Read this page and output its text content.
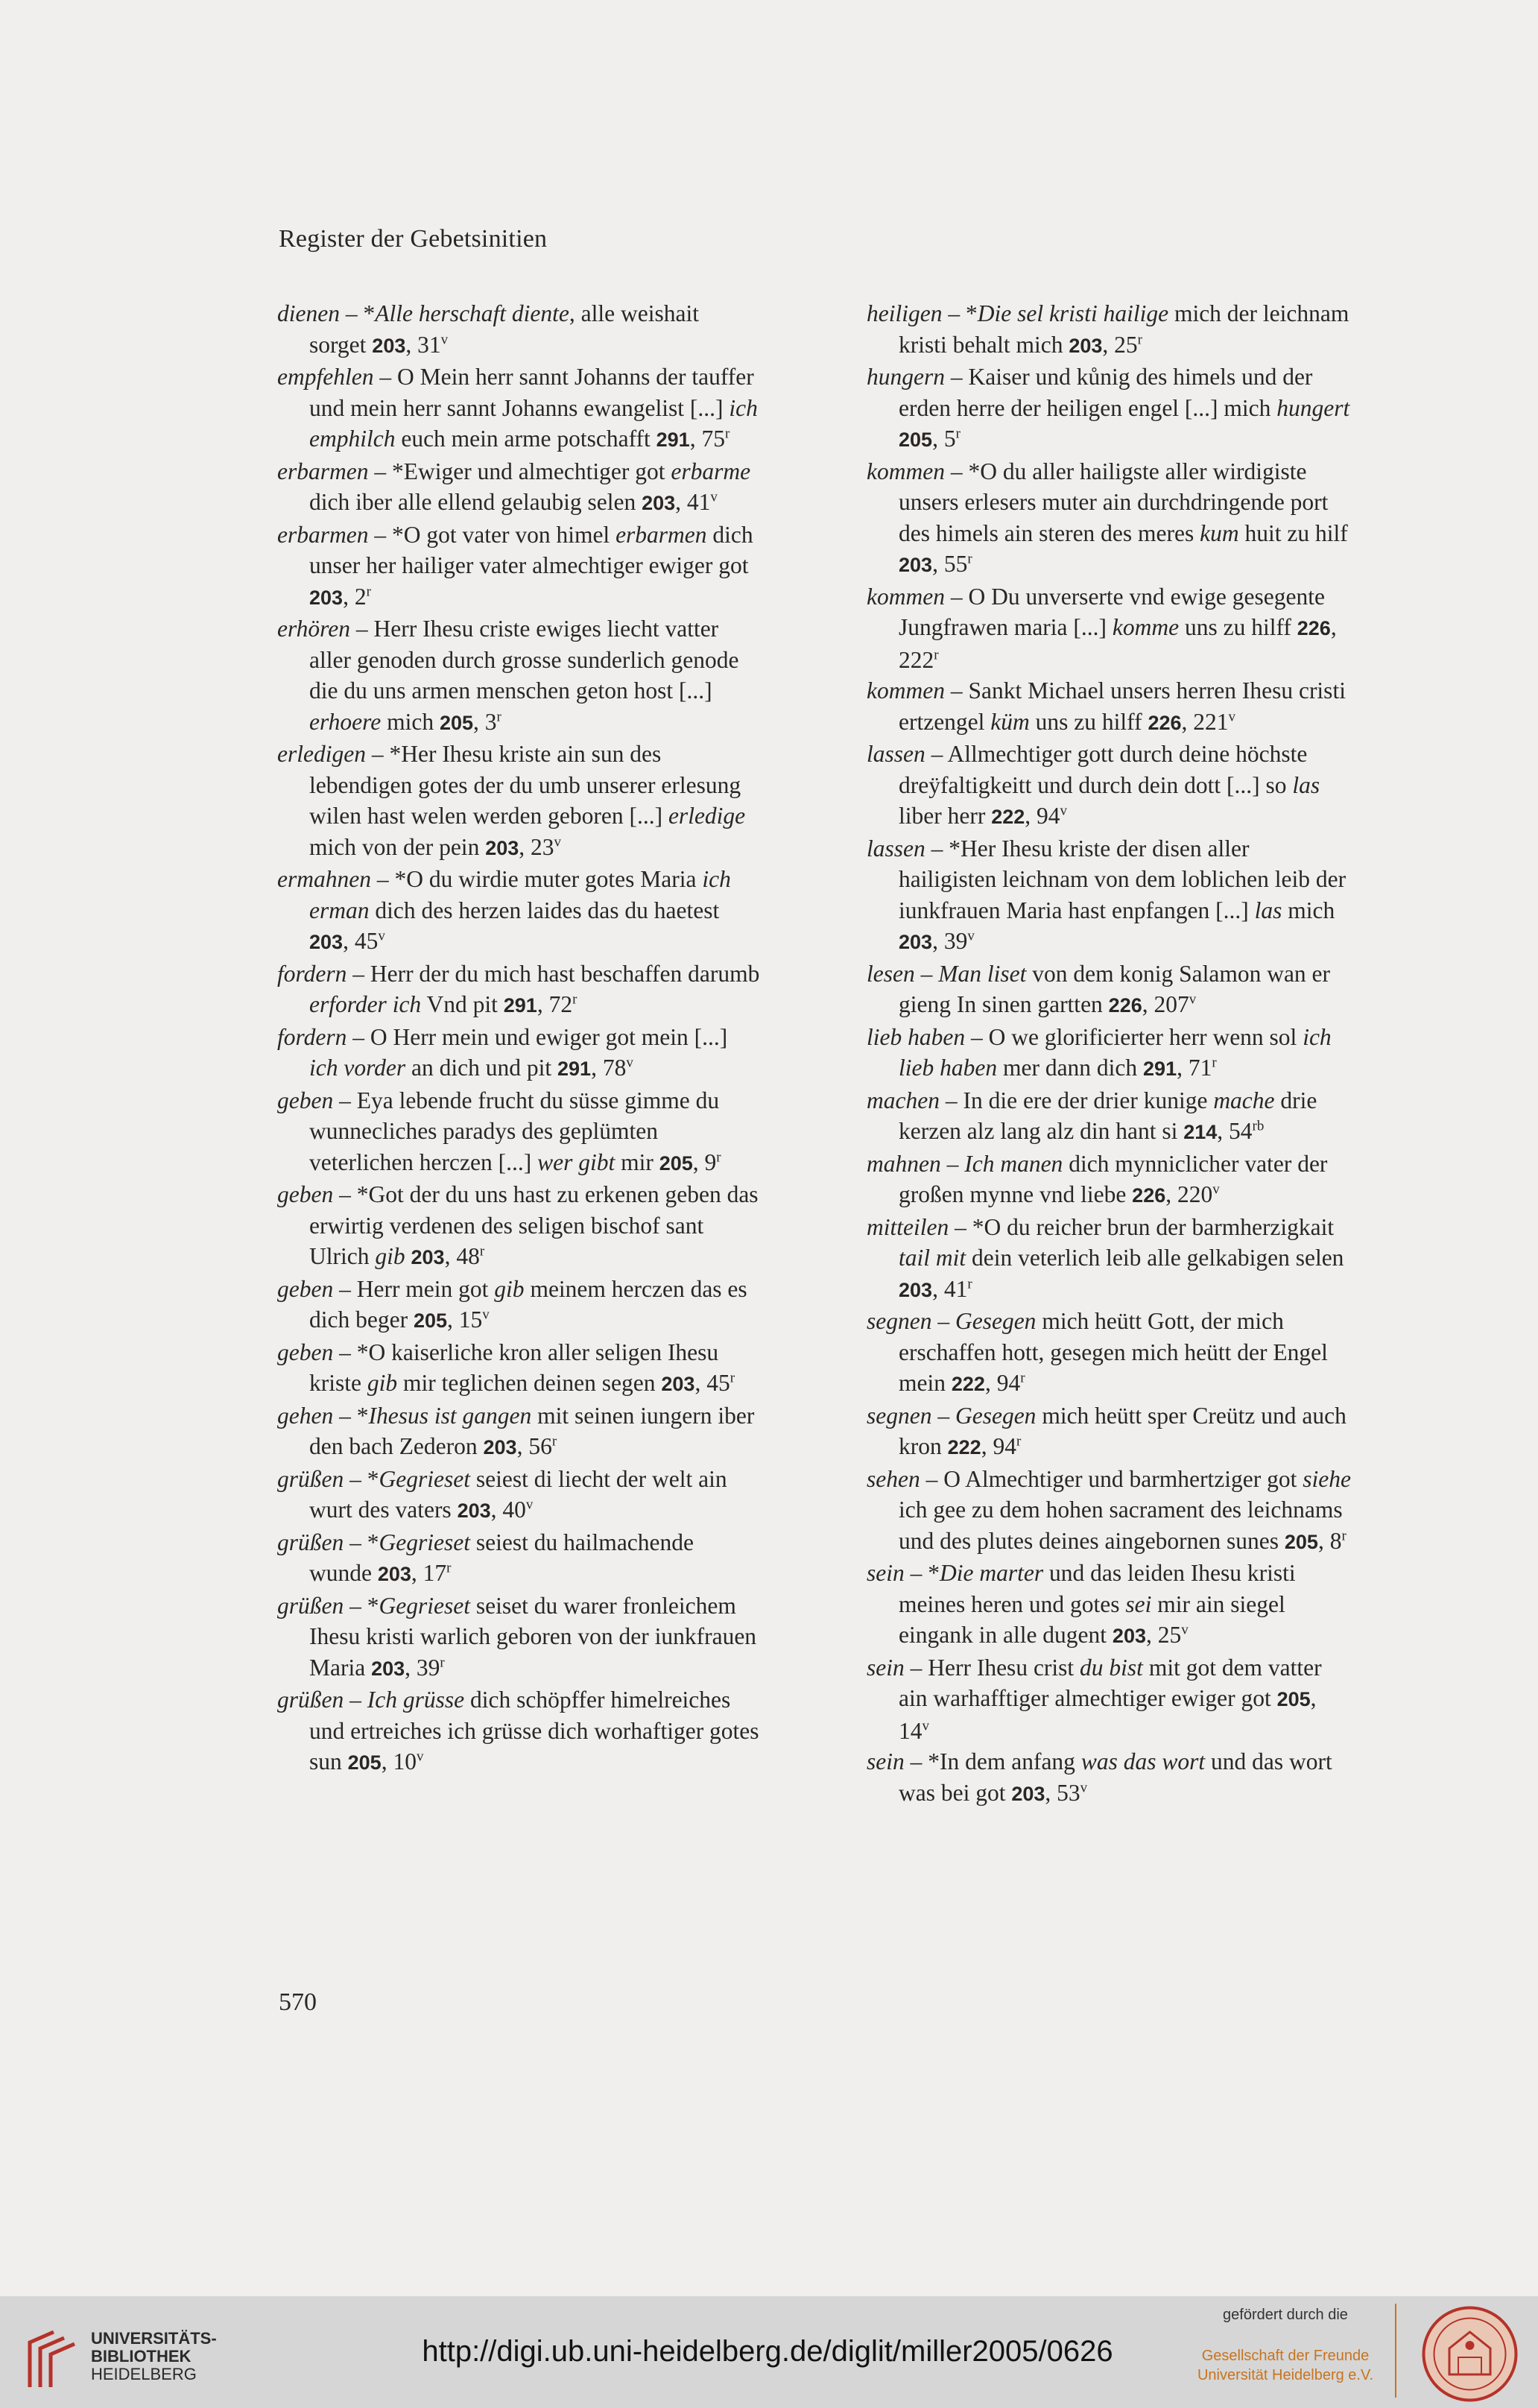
Register der Gebetsinitien

dienen – *Alle herschaft diente, alle weishait sorget 203, 31$^v$

empfehlen – O Mein herr sannt Johanns der tauffer und mein herr sannt Johanns ewangelist [...] ich emphilch euch mein arme potschafft 291, 75$^r$

erbarmen – *Ewiger und almechtiger got erbarme dich iber alle ellend gelaubig selen 203, 41$^v$

erbarmen – *O got vater von himel erbarmen dich unser her hailiger vater almechtiger ewiger got 203, 2$^r$

erhören – Herr Ihesu criste ewiges liecht vatter aller genoden durch grosse sunderlich genode die du uns armen menschen geton host [...] erhoere mich 205, 3$^r$

erledigen – *Her Ihesu kriste ain sun des lebendigen gotes der du umb unserer erlesung wilen hast welen werden geboren [...] erledige mich von der pein 203, 23$^v$

ermahnen – *O du wirdie muter gotes Maria ich erman dich des herzen laides das du haetest 203, 45$^v$

fordern – Herr der du mich hast beschaffen darumb erforder ich Vnd pit 291, 72$^r$

fordern – O Herr mein und ewiger got mein [...] ich vorder an dich und pit 291, 78$^v$

geben – Eya lebende frucht du süsse gimme du wunnecliches paradys des geplümten veterlichen herczen [...] wer gibt mir 205, 9$^r$

geben – *Got der du uns hast zu erkenen geben das erwirtig verdenen des seligen bischof sant Ulrich gib 203, 48$^r$

geben – Herr mein got gib meinem herczen das es dich beger 205, 15$^v$

geben – *O kaiserliche kron aller seligen Ihesu kriste gib mir teglichen deinen segen 203, 45$^r$

gehen – *Ihesus ist gangen mit seinen iungern iber den bach Zederon 203, 56$^r$

grüßen – *Gegrieset seiest di liecht der welt ain wurt des vaters 203, 40$^v$

grüßen – *Gegrieset seiest du hailmachende wunde 203, 17$^r$

grüßen – *Gegrieset seiset du warer fronleichem Ihesu kristi warlich geboren von der iunkfrauen Maria 203, 39$^r$

grüßen – Ich grüsse dich schöpffer himelreiches und ertreiches ich grüsse dich worhaftiger gotes sun 205, 10$^v$

heiligen – *Die sel kristi hailige mich der leichnam kristi behalt mich 203, 25$^r$

hungern – Kaiser und kůnig des himels und der erden herre der heiligen engel [...] mich hungert 205, 5$^r$

kommen – *O du aller hailigste aller wirdigiste unsers erlesers muter ain durchdringende port des himels ain steren des meres kum huit zu hilf 203, 55$^r$

kommen – O Du unverserte vnd ewige gesegente Jungfrawen maria [...] komme uns zu hilff 226, 222$^r$

kommen – Sankt Michael unsers herren Ihesu cristi ertzengel küm uns zu hilff 226, 221$^v$

lassen – Allmechtiger gott durch deine höchste dreÿfaltigkeitt und durch dein dott [...] so las liber herr 222, 94$^v$

lassen – *Her Ihesu kriste der disen aller hailigisten leichnam von dem loblichen leib der iunkfrauen Maria hast enpfangen [...] las mich 203, 39$^v$

lesen – Man liset von dem konig Salamon wan er gieng In sinen gartten 226, 207$^v$

lieb haben – O we glorificierter herr wenn sol ich lieb haben mer dann dich 291, 71$^r$

machen – In die ere der drier kunige mache drie kerzen alz lang alz din hant si 214, $54^{rb}$

mahnen – Ich manen dich mynniclicher vater der großen mynne vnd liebe 226, 220$^v$

mitteilen – *O du reicher brun der barmherzigkait tail mit dein veterlich leib alle gelkabigen selen 203, 41$^r$

segnen – Gesegen mich heütt Gott, der mich erschaffen hott, gesegen mich heütt der Engel mein 222, 94$^r$

segnen – Gesegen mich heütt sper Creütz und auch kron 222, 94$^r$

sehen – O Almechtiger und barmhertziger got siehe ich gee zu dem hohen sacrament des leichnams und des plutes deines aingebornen sunes 205, 8$^r$

sein – *Die marter und das leiden Ihesu kristi meines heren und gotes sei mir ain siegel eingank in alle dugent 203, 25$^v$

sein – Herr Ihesu crist du bist mit got dem vatter ain warhafftiger almechtiger ewiger got 205, 14$^v$

sein – *In dem anfang was das wort und das wort was bei got 203, 53$^v$

570
UNIVERSITÄTS-
BIBLIOTHEK
HEIDELBERG
http://digi.ub.uni-heidelberg.de/diglit/miller2005/0626
gefördert durch die
Gesellschaft der Freunde
Universität Heidelberg e.V.
